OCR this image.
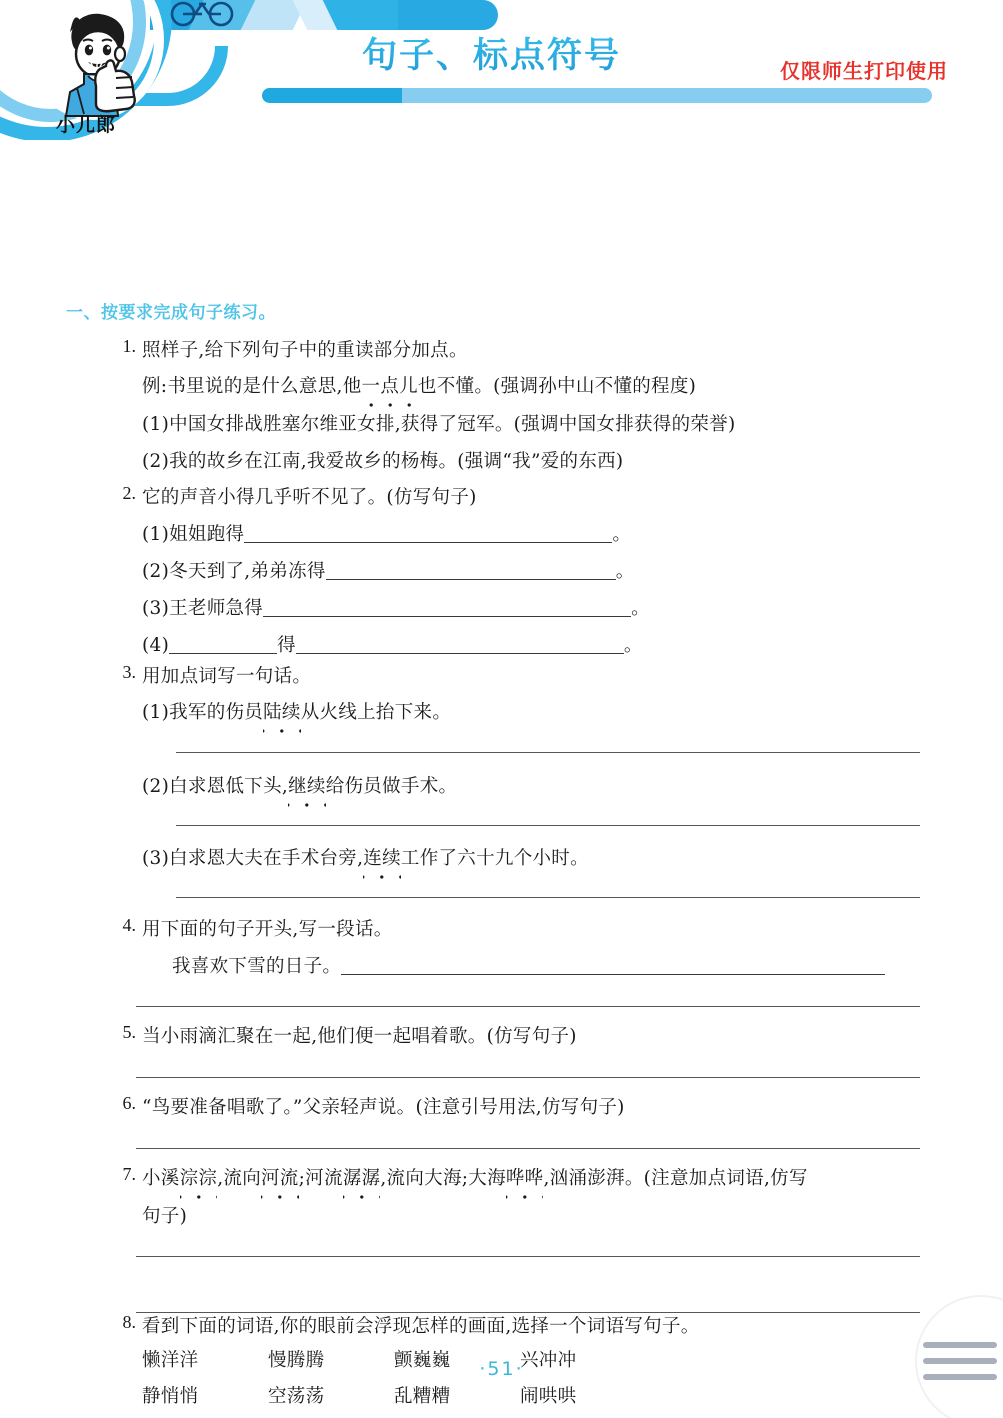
小儿郎
句子、标点符号	仅限师生打印使用
一、按要求完成句子练习。
1. 照样子,给下列句子中的重读部分加点。
例:书里说的是什么意思,他一点儿也不懂。(强调孙中山不懂的程度)
(1)中国女排战胜塞尔维亚女排,获得了冠军。(强调中国女排获得的荣誉)
(2)我的故乡在江南,我爱故乡的杨梅。(强调“我”爱的东西)
2. 它的声音小得几乎听不见了。(仿写句子)
(1)姐姐跑得	。
(2)冬天到了,弟弟冻得	。
(3)王老师急得	。
(4)	得	。
3. 用加点词写一句话。
(1)我军的伤员陆续从火线上抬下来。
(2)白求恩低下头,继续给伤员做手术。
(3)白求恩大夫在手术台旁,连续工作了六十九个小时。
4. 用下面的句子开头,写一段话。
我喜欢下雪的日子。
5. 当小雨滴汇聚在一起,他们便一起唱着歌。(仿写句子)
6. “鸟要准备唱歌了。”父亲轻声说。(注意引号用法,仿写句子)
7. 小溪淙淙,流向河流;河流潺潺,流向大海;大海哗哗,汹涌澎湃。(注意加点词语,仿写
句子)
8. 看到下面的词语,你的眼前会浮现怎样的画面,选择一个词语写句子。
懒洋洋	慢腾腾	颤巍巍	兴冲冲
静悄悄	空荡荡	乱糟糟	闹哄哄
·51·
